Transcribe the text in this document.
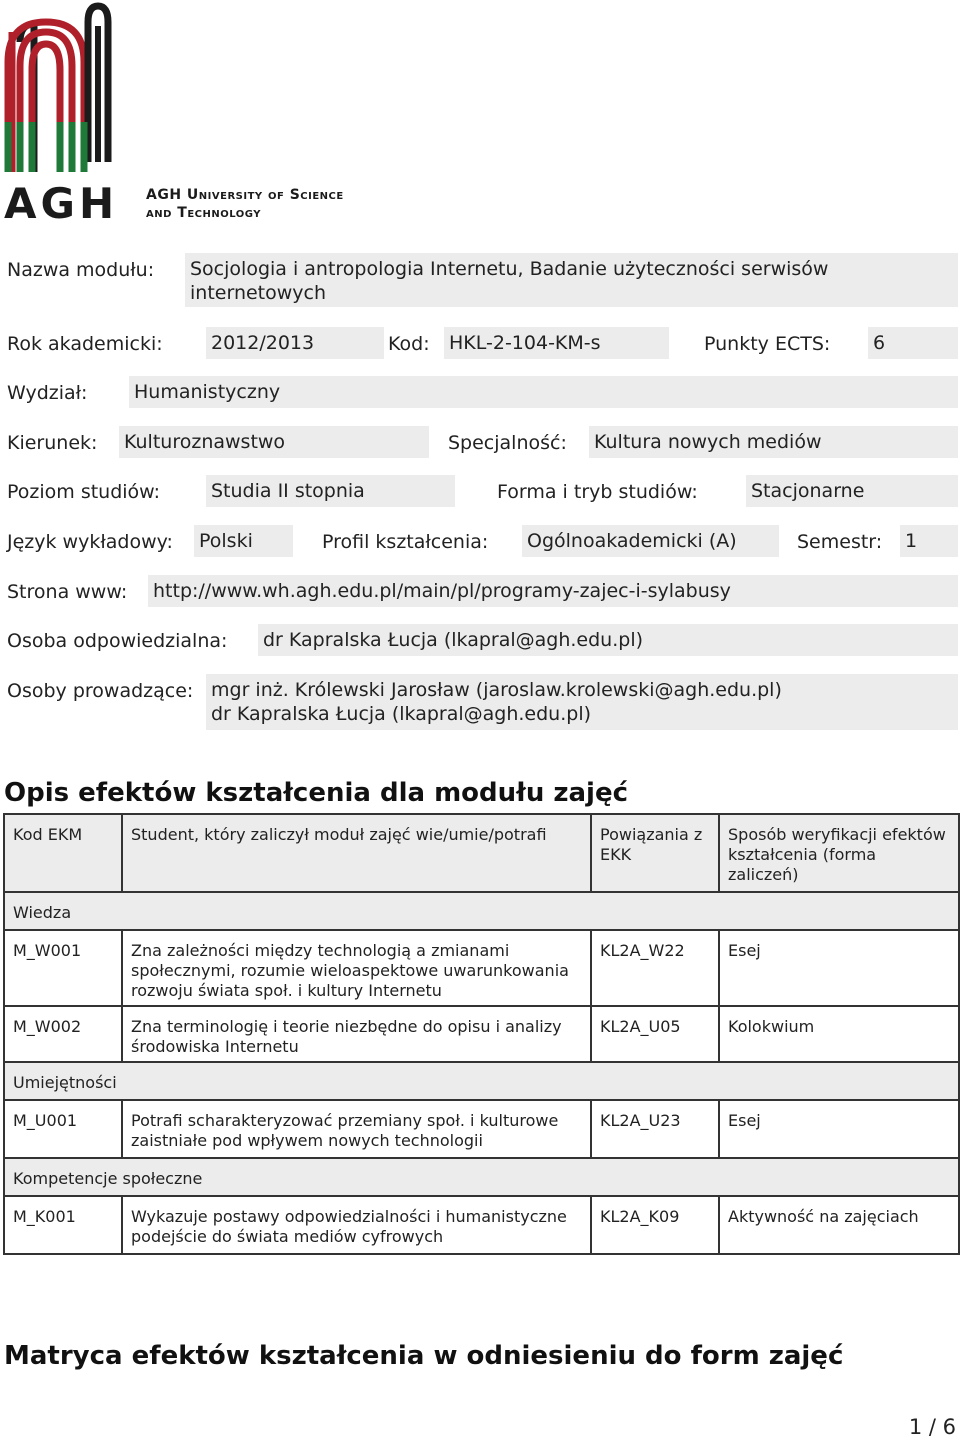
AGH AGH University of Science
and Technology
Nazwa modułu: Socjologia i antropologia Internetu, Badanie użyteczności serwisów internetowych
Rok akademicki:	2012/2013	Kod: HKL-2-104-KM-s	Punkty ECTS: 6
Wydział: Humanistyczny
Kierunek: Kulturoznawstwo	Specjalność: Kultura nowych mediów
Poziom studiów:	Studia II stopnia	Forma i tryb studiów:	Stacjonarne
Język wykładowy: Polski	Profil kształcenia: Ogólnoakademicki (A)	Semestr: 1
Strona www: http://www.wh.agh.edu.pl/main/pl/programy-zajec-i-sylabusy
Osoba odpowiedzialna: dr Kapralska Łucja (lkapral@agh.edu.pl)
Osoby prowadzące: mgr inż. Królewski Jarosław (jaroslaw.krolewski@agh.edu.pl)
dr Kapralska Łucja (lkapral@agh.edu.pl)
Opis efektów kształcenia dla modułu zajęć
Kod EKM	Student, który zaliczył moduł zajęć wie/umie/potrafi	Powiązania z EKK	Sposób weryfikacji efektów kształcenia (forma zaliczeń)
Wiedza			
M_W001	Zna zależności między technologią a zmianami społecznymi, rozumie wieloaspektowe uwarunkowania rozwoju świata społ. i kultury Internetu	KL2A_W22	Esej
M_W002	Zna terminologię i teorie niezbędne do opisu i analizy środowiska Internetu	KL2A_U05	Kolokwium
Umiejętności			
M_U001	Potrafi scharakteryzować przemiany społ. i kulturowe zaistniałe pod wpływem nowych technologii	KL2A_U23	Esej
Kompetencje społeczne			
M_K001	Wykazuje postawy odpowiedzialności i humanistyczne podejście do świata mediów cyfrowych	KL2A_K09	Aktywność na zajęciach
Matryca efektów kształcenia w odniesieniu do form zajęć
1 / 6
